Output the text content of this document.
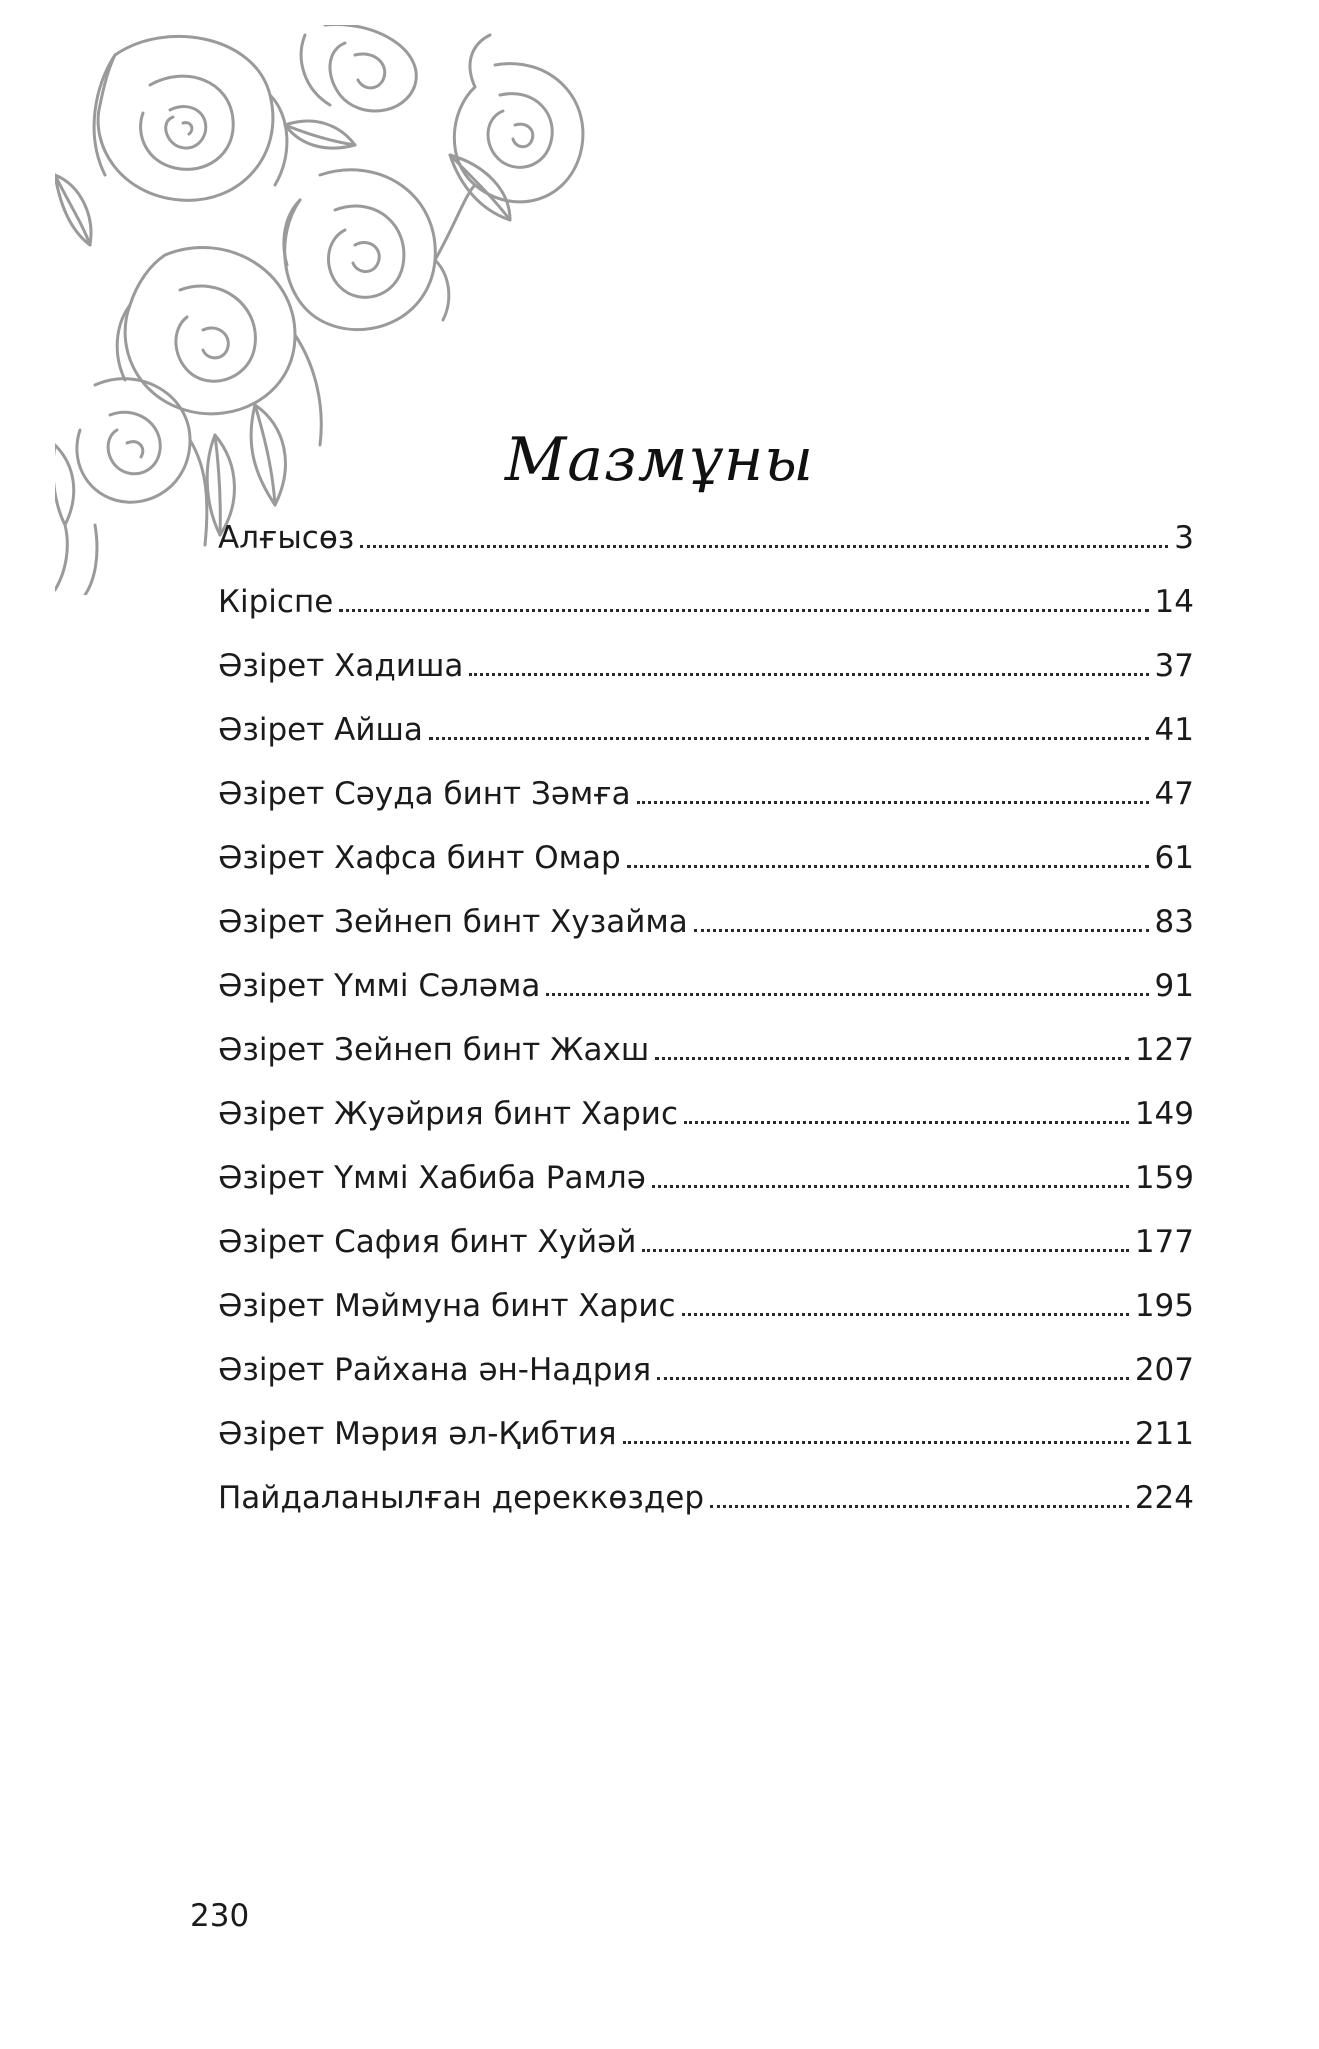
Мазмұны
Алғысөз	3
Кіріспе	14
Әзірет Хадиша	37
Әзірет Айша	41
Әзірет Сәуда бинт Зәмға	47
Әзірет Хафса бинт Омар	61
Әзірет Зейнеп бинт Хузайма	83
Әзірет Үммі Сәләма	91
Әзірет Зейнеп бинт Жахш	127
Әзірет Жуәйрия бинт Харис	149
Әзірет Үммі Хабиба Рамлә	159
Әзірет Сафия бинт Хуйәй	177
Әзірет Мәймуна бинт Харис	195
Әзірет Райхана ән-Надрия	207
Әзірет Мәрия әл-Қибтия	211
Пайдаланылған дереккөздер	224
230
